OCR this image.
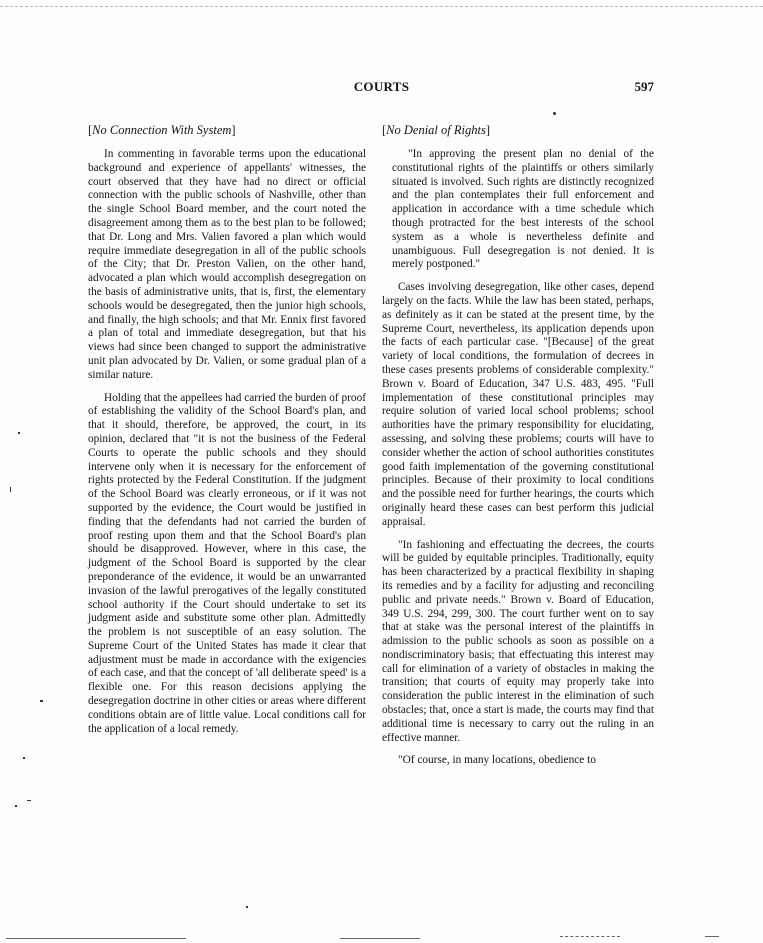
COURTS	597

[No Connection With System]

In commenting in favorable terms upon the educational background and experience of appellants' witnesses, the court observed that they have had no direct or official connection with the public schools of Nashville, other than the single School Board member, and the court noted the disagreement among them as to the best plan to be followed; that Dr. Long and Mrs. Valien favored a plan which would require immediate desegregation in all of the public schools of the City; that Dr. Preston Valien, on the other hand, advocated a plan which would accomplish desegregation on the basis of administrative units, that is, first, the elementary schools would be desegregated, then the junior high schools, and finally, the high schools; and that Mr. Ennix first favored a plan of total and immediate desegregation, but that his views had since been changed to support the administrative unit plan advocated by Dr. Valien, or some gradual plan of a similar nature.

Holding that the appellees had carried the burden of proof of establishing the validity of the School Board's plan, and that it should, therefore, be approved, the court, in its opinion, declared that "it is not the business of the Federal Courts to operate the public schools and they should intervene only when it is necessary for the enforcement of rights protected by the Federal Constitution. If the judgment of the School Board was clearly erroneous, or if it was not supported by the evidence, the Court would be justified in finding that the defendants had not carried the burden of proof resting upon them and that the School Board's plan should be disapproved. However, where in this case, the judgment of the School Board is supported by the clear preponderance of the evidence, it would be an unwarranted invasion of the lawful prerogatives of the legally constituted school authority if the Court should undertake to set its judgment aside and substitute some other plan. Admittedly the problem is not susceptible of an easy solution. The Supreme Court of the United States has made it clear that adjustment must be made in accordance with the exigencies of each case, and that the concept of 'all deliberate speed' is a flexible one. For this reason decisions applying the desegregation doctrine in other cities or areas where different conditions obtain are of little value. Local conditions call for the application of a local remedy.

[No Denial of Rights]

"In approving the present plan no denial of the constitutional rights of the plaintiffs or others similarly situated is involved. Such rights are distinctly recognized and the plan contemplates their full enforcement and application in accordance with a time schedule which though protracted for the best interests of the school system as a whole is nevertheless definite and unambiguous. Full desegregation is not denied. It is merely postponed."

Cases involving desegregation, like other cases, depend largely on the facts. While the law has been stated, perhaps, as definitely as it can be stated at the present time, by the Supreme Court, nevertheless, its application depends upon the facts of each particular case. "[Because] of the great variety of local conditions, the formulation of decrees in these cases presents problems of considerable complexity." Brown v. Board of Education, 347 U.S. 483, 495. "Full implementation of these constitutional principles may require solution of varied local school problems; school authorities have the primary responsibility for elucidating, assessing, and solving these problems; courts will have to consider whether the action of school authorities constitutes good faith implementation of the governing constitutional principles. Because of their proximity to local conditions and the possible need for further hearings, the courts which originally heard these cases can best perform this judicial appraisal.

"In fashioning and effectuating the decrees, the courts will be guided by equitable principles. Traditionally, equity has been characterized by a practical flexibility in shaping its remedies and by a facility for adjusting and reconciling public and private needs." Brown v. Board of Education, 349 U.S. 294, 299, 300. The court further went on to say that at stake was the personal interest of the plaintiffs in admission to the public schools as soon as possible on a nondiscriminatory basis; that effectuating this interest may call for elimination of a variety of obstacles in making the transition; that courts of equity may properly take into consideration the public interest in the elimination of such obstacles; that, once a start is made, the courts may find that additional time is necessary to carry out the ruling in an effective manner.

"Of course, in many locations, obedience to
